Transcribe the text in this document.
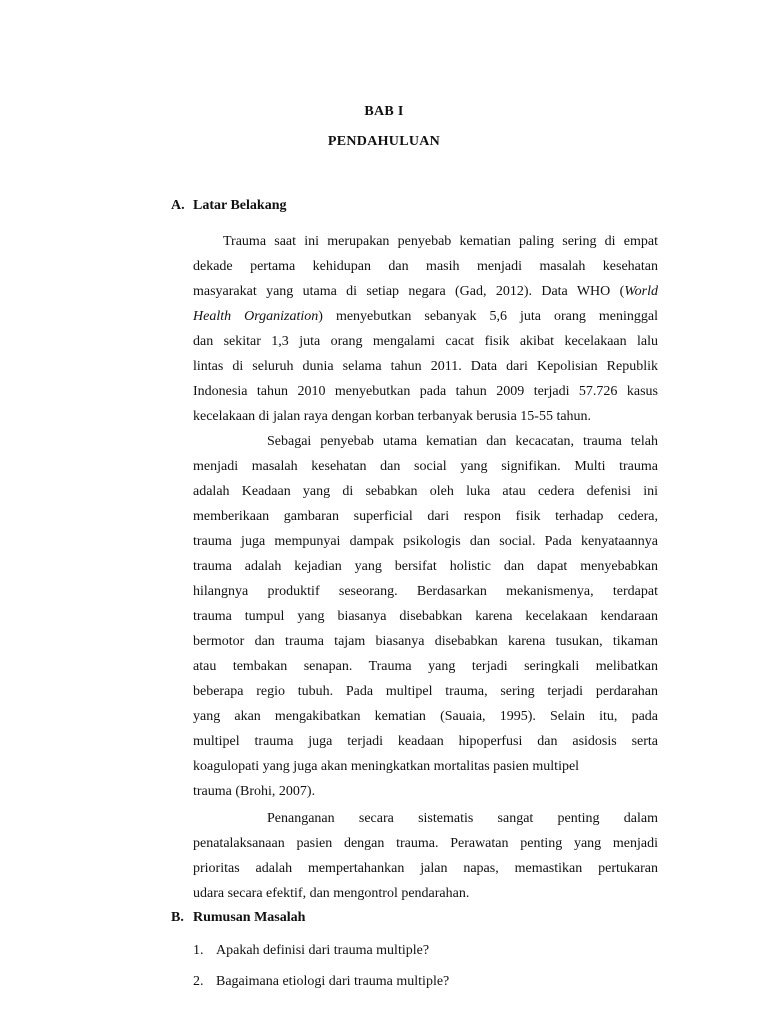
BAB I
PENDAHULUAN
A. Latar Belakang
Trauma saat ini merupakan penyebab kematian paling sering di empat
dekade pertama kehidupan dan masih menjadi masalah kesehatan
masyarakat yang utama di setiap negara (Gad, 2012). Data WHO (World
Health Organization) menyebutkan sebanyak 5,6 juta orang meninggal
dan sekitar 1,3 juta orang mengalami cacat fisik akibat kecelakaan lalu
lintas di seluruh dunia selama tahun 2011. Data dari Kepolisian Republik
Indonesia tahun 2010 menyebutkan pada tahun 2009 terjadi 57.726 kasus
kecelakaan di jalan raya dengan korban terbanyak berusia 15-55 tahun.
Sebagai penyebab utama kematian dan kecacatan, trauma telah
menjadi masalah kesehatan dan social yang signifikan. Multi trauma
adalah Keadaan yang di sebabkan oleh luka atau cedera defenisi ini
memberikaan gambaran superficial dari respon fisik terhadap cedera,
trauma juga mempunyai dampak psikologis dan social. Pada kenyataannya
trauma adalah kejadian yang bersifat holistic dan dapat menyebabkan
hilangnya produktif seseorang. Berdasarkan mekanismenya, terdapat
trauma tumpul yang biasanya disebabkan karena kecelakaan kendaraan
bermotor dan trauma tajam biasanya disebabkan karena tusukan, tikaman
atau tembakan senapan. Trauma yang terjadi seringkali melibatkan
beberapa regio tubuh. Pada multipel trauma, sering terjadi perdarahan
yang akan mengakibatkan kematian (Sauaia, 1995). Selain itu, pada
multipel trauma juga terjadi keadaan hipoperfusi dan asidosis serta
koagulopati yang juga akan meningkatkan mortalitas pasien multipel
trauma (Brohi, 2007).
Penanganan secara sistematis sangat penting dalam
penatalaksanaan pasien dengan trauma. Perawatan penting yang menjadi
prioritas adalah mempertahankan jalan napas, memastikan pertukaran
udara secara efektif, dan mengontrol pendarahan.
B. Rumusan Masalah
1. Apakah definisi dari trauma multiple?
2. Bagaimana etiologi dari trauma multiple?
